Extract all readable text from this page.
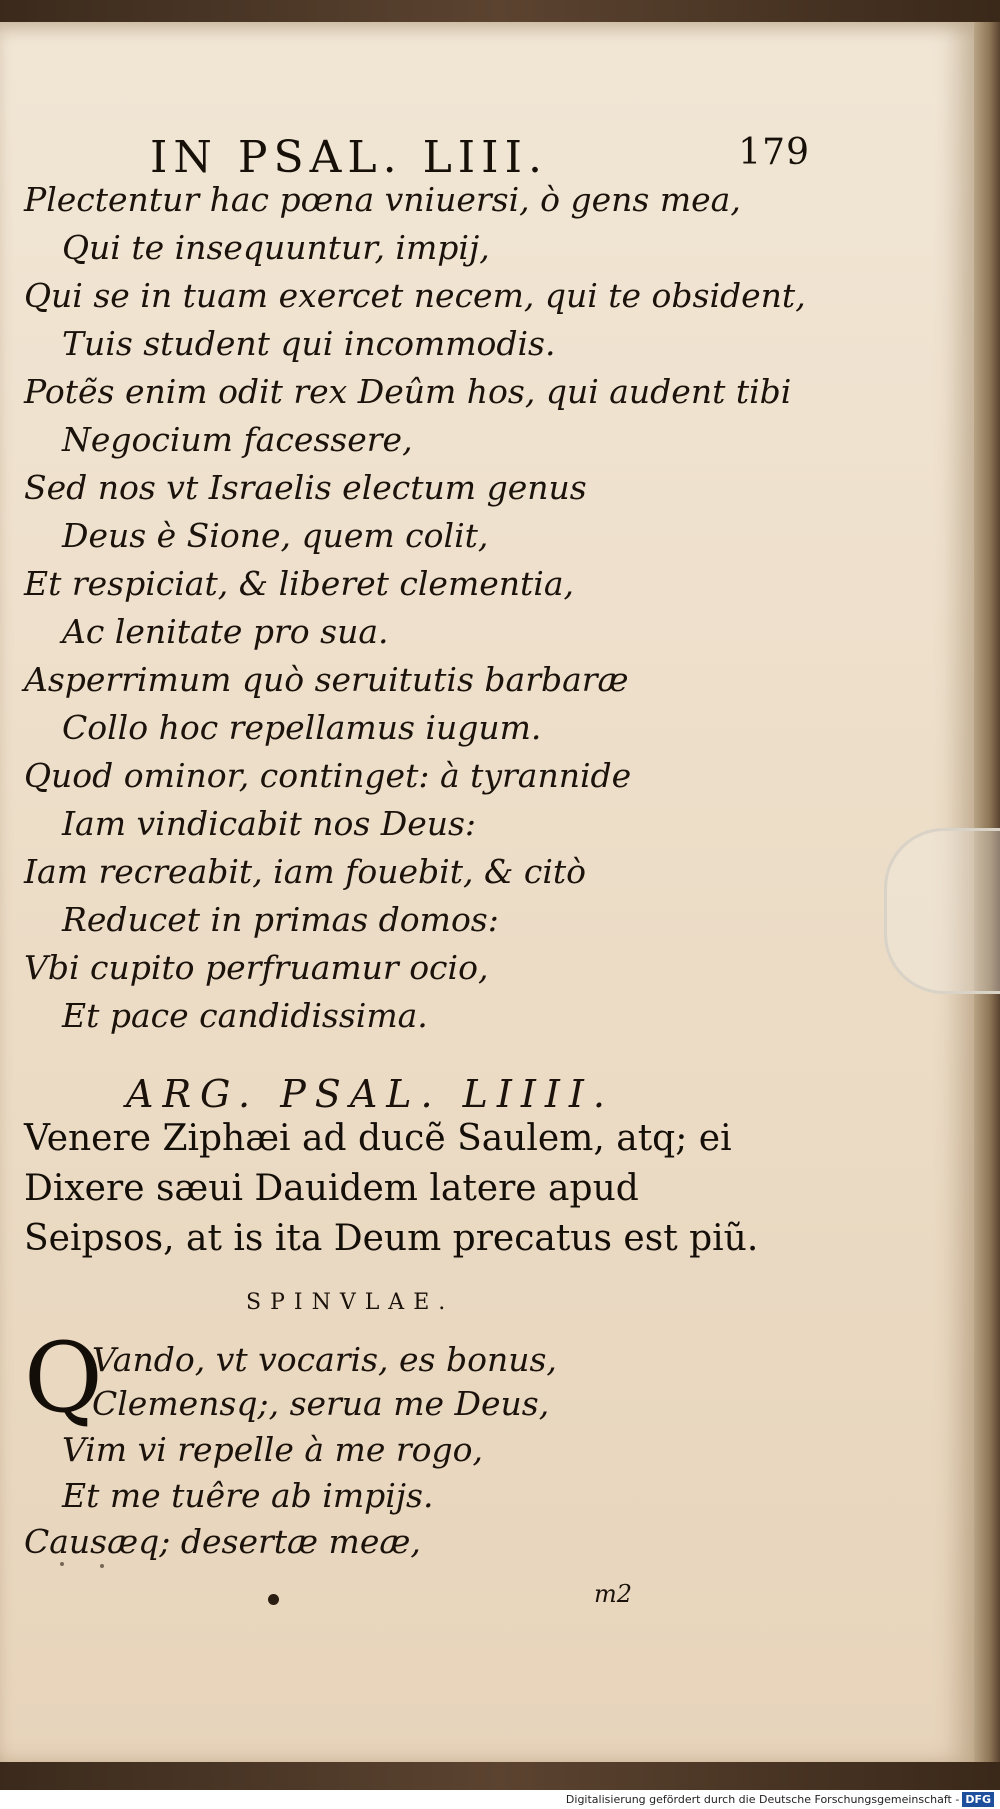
IN PSAL. LIII.	179

Plectentur hac pœna vniuersi, ò gens mea,

Qui te insequuntur, impij,

Qui se in tuam exercet necem, qui te obsident,

Tuis student qui incommodis.

Potẽs enim odit rex Deûm hos, qui audent tibi

Negocium facessere,

Sed nos vt Israelis electum genus

Deus è Sione, quem colit,

Et respiciat, & liberet clementia,

Ac lenitate pro sua.

Asperrimum quò seruitutis barbaræ

Collo hoc repellamus iugum.

Quod ominor, continget: à tyrannide

Iam vindicabit nos Deus:

Iam recreabit, iam fouebit, & citò

Reducet in primas domos:

Vbi cupito perfruamur ocio,

Et pace candidissima.

ARG. PSAL. LIIII.
Venere Ziphæi ad ducẽ Saulem, atq; ei
Dixere sæui Dauidem latere apud
Seipsos, at is ita Deum precatus est piũ.
SPINVLAE.
Q

Vando, vt vocaris, es bonus,

Clemensq;, serua me Deus,

Vim vi repelle à me rogo,

Et me tuêre ab impijs.

Causæq; desertæ meæ,

m2
Digitalisierung gefördert durch die Deutsche Forschungsgemeinschaft - DFG
